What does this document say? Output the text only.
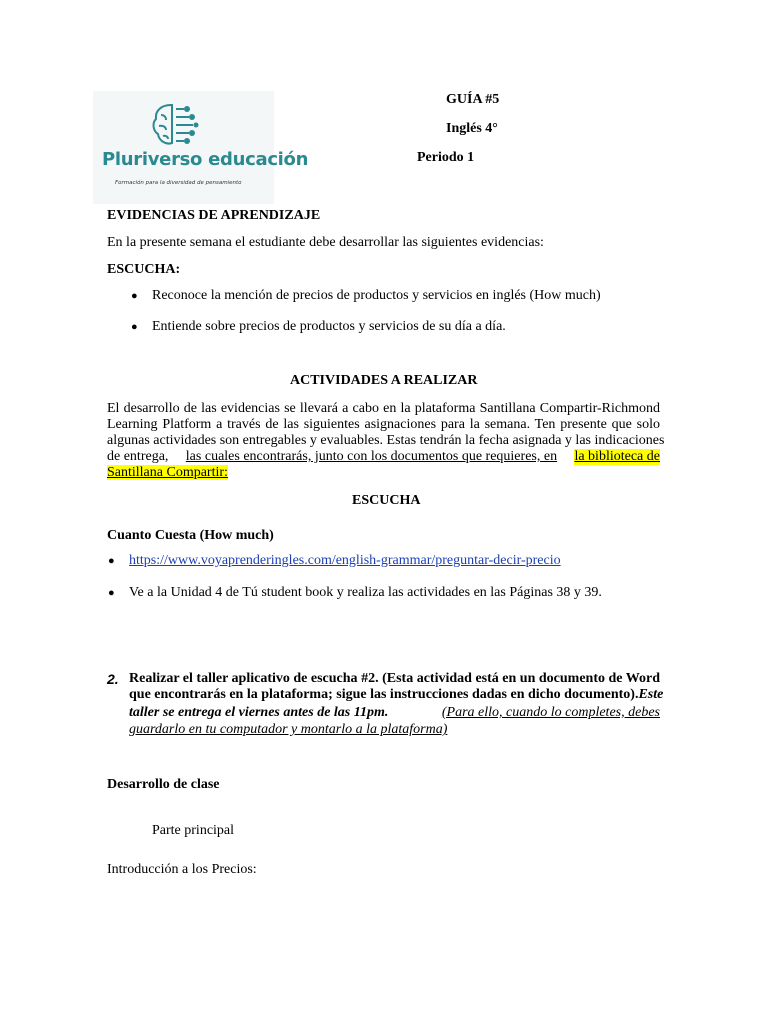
Pluriverso educación
Formación para la diversidad de pensamiento
GUÍA #5
Inglés 4°
Periodo 1
EVIDENCIAS DE APRENDIZAJE
En la presente semana el estudiante debe desarrollar las siguientes evidencias:
ESCUCHA:
● Reconoce la mención de precios de productos y servicios en inglés (How much)
● Entiende sobre precios de productos y servicios de su día a día.
ACTIVIDADES A REALIZAR
El desarrollo de las evidencias se llevará a cabo en la plataforma Santillana Compartir-Richmond
Learning Platform a través de las siguientes asignaciones para la semana. Ten presente que solo
algunas actividades son entregables y evaluables. Estas tendrán la fecha asignada y las indicaciones
de entrega, las cuales encontrarás, junto con los documentos que requieres, en la biblioteca de
Santillana Compartir:
ESCUCHA
Cuanto Cuesta (How much)
● https://www.voyaprenderingles.com/english-grammar/preguntar-decir-precio
● Ve a la Unidad 4 de Tú student book y realiza las actividades en las Páginas 38 y 39.
2. Realizar el taller aplicativo de escucha #2. (Esta actividad está en un documento de Word
que encontrarás en la plataforma; sigue las instrucciones dadas en dicho documento). Este
taller se entrega el viernes antes de las 11pm.	(Para ello, cuando lo completes, debes
guardarlo en tu computador y montarlo a la plataforma)
Desarrollo de clase
Parte principal
Introducción a los Precios:
